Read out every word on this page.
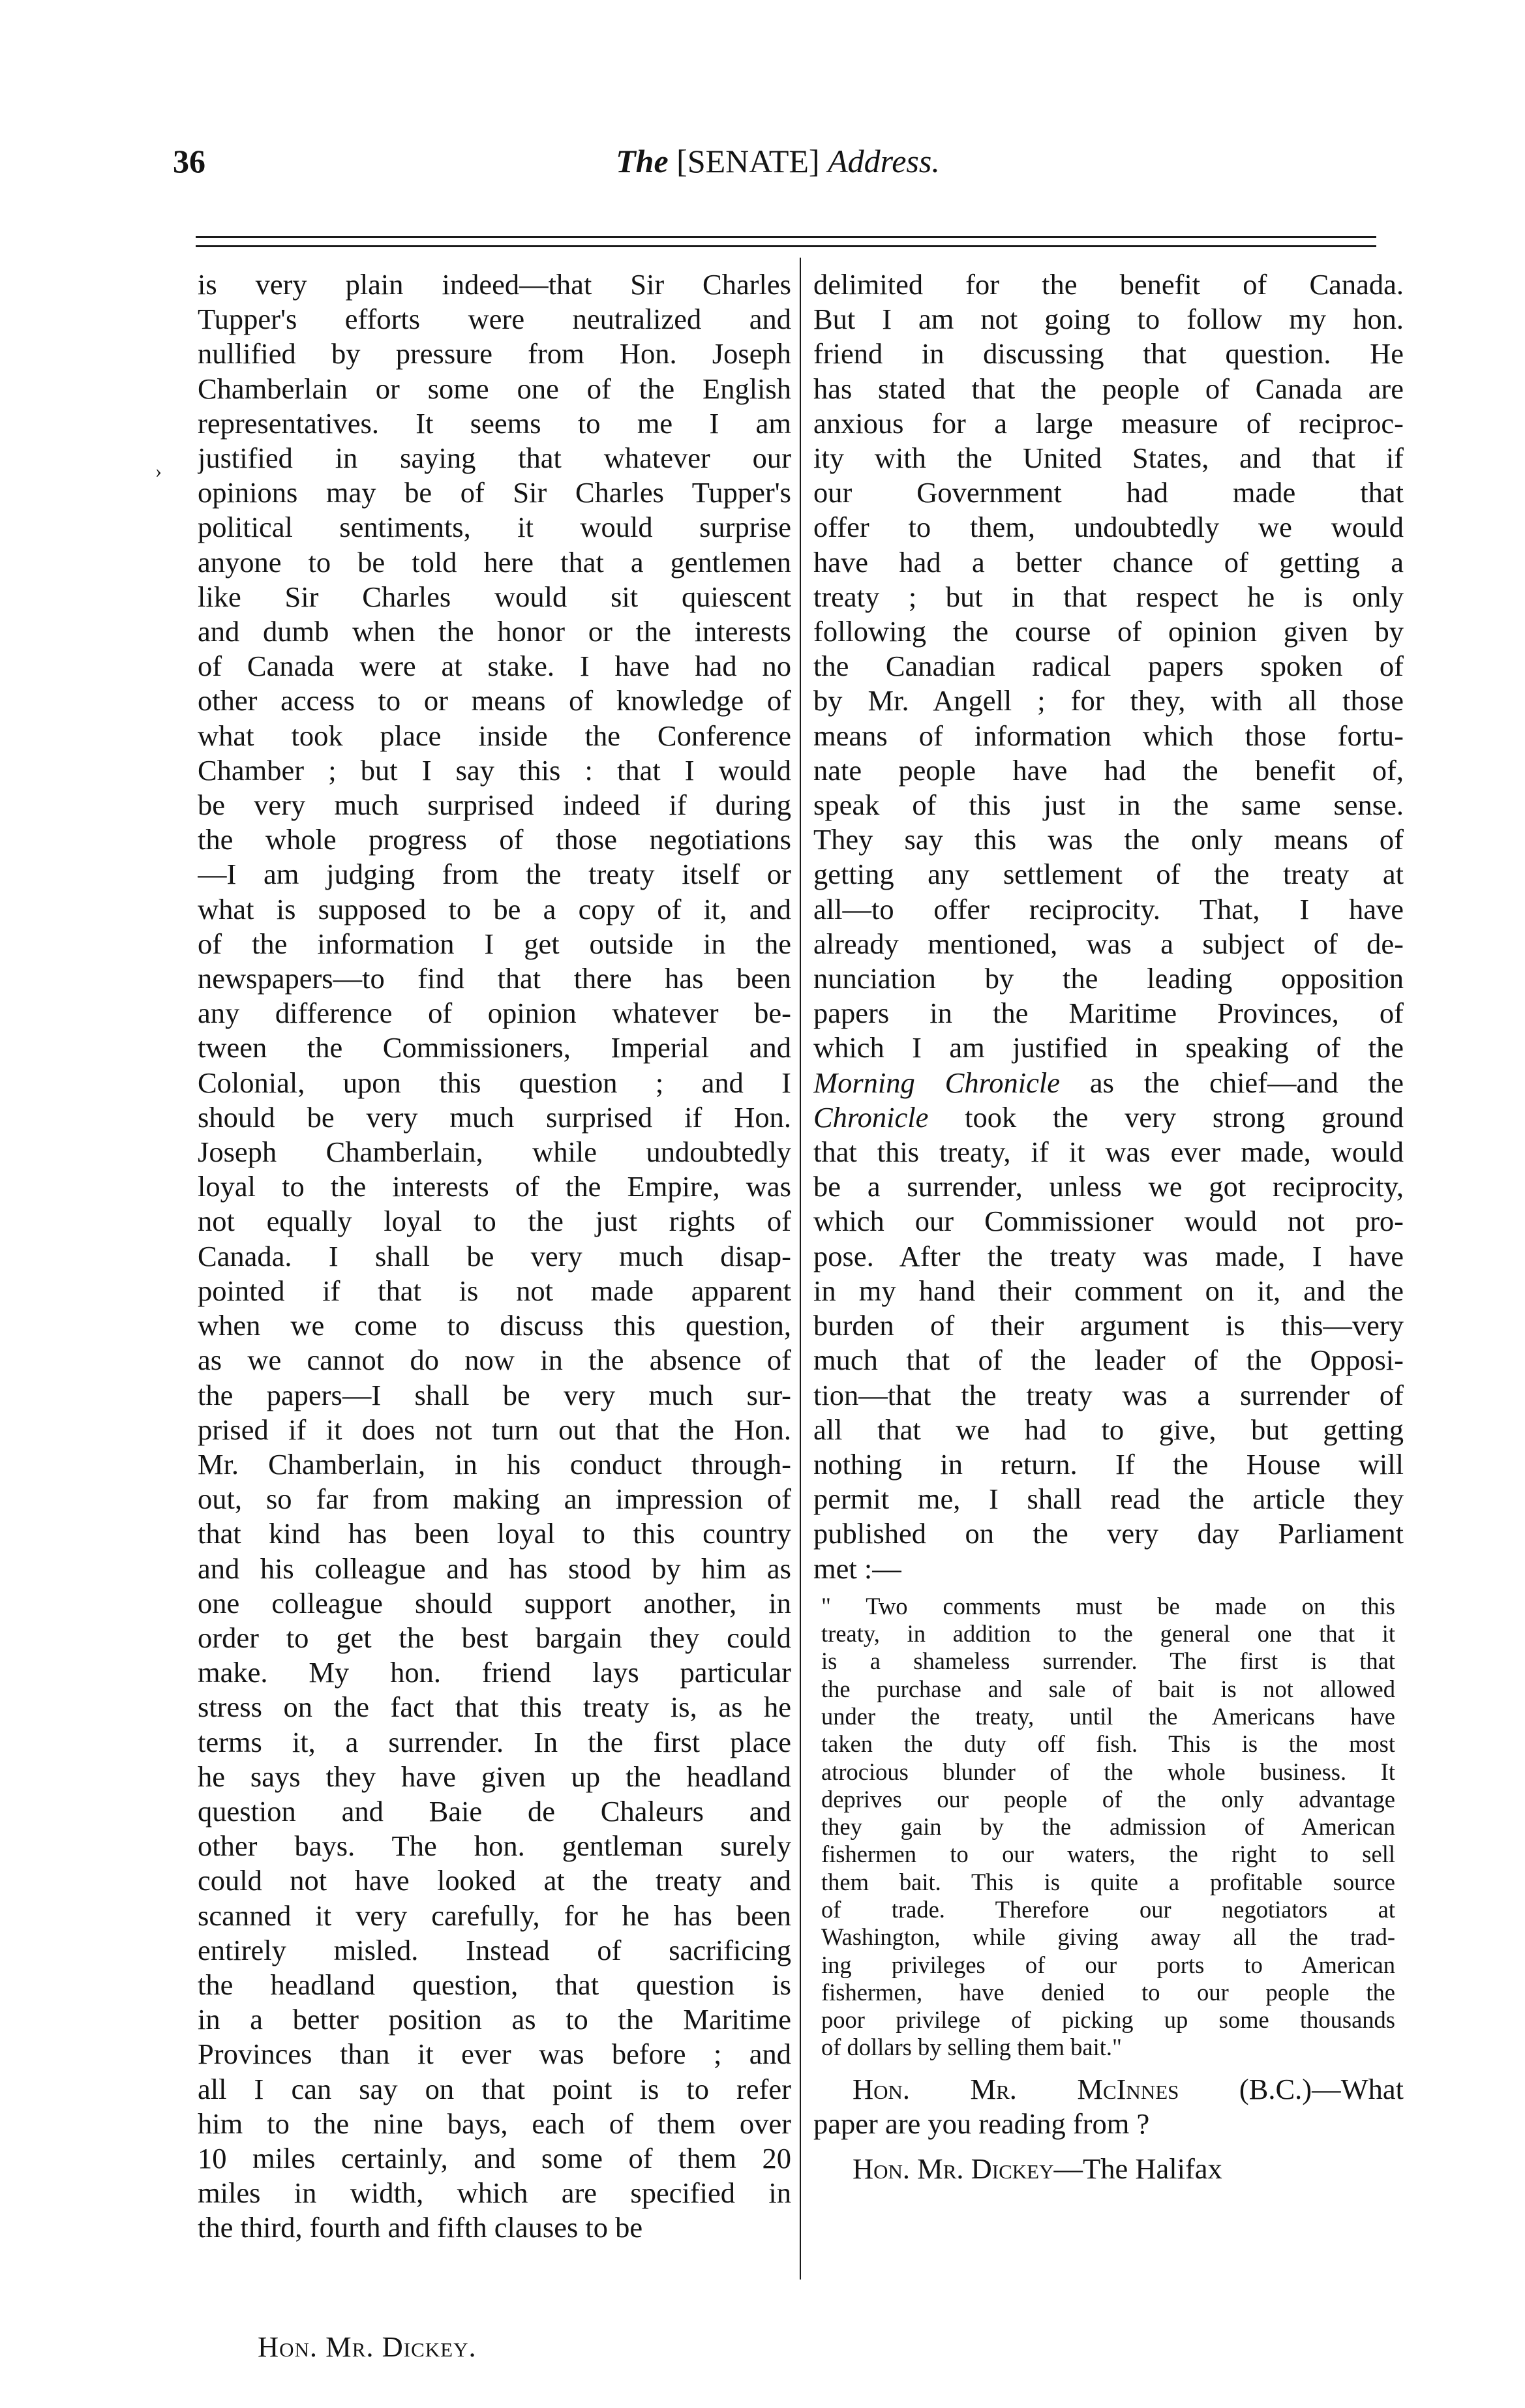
36	The [SENATE] Address.
›
is very plain indeed—that Sir Charles
Tupper's efforts were neutralized and
nullified by pressure from Hon. Joseph
Chamberlain or some one of the English
representatives. It seems to me I am
justified in saying that whatever our
opinions may be of Sir Charles Tupper's
political sentiments, it would surprise
anyone to be told here that a gentlemen
like Sir Charles would sit quiescent
and dumb when the honor or the interests
of Canada were at stake. I have had no
other access to or means of knowledge of
what took place inside the Conference
Chamber ; but I say this : that I would
be very much surprised indeed if during
the whole progress of those negotiations
—I am judging from the treaty itself or
what is supposed to be a copy of it, and
of the information I get outside in the
newspapers—to find that there has been
any difference of opinion whatever be-
tween the Commissioners, Imperial and
Colonial, upon this question ; and I
should be very much surprised if Hon.
Joseph Chamberlain, while undoubtedly
loyal to the interests of the Empire, was
not equally loyal to the just rights of
Canada. I shall be very much disap-
pointed if that is not made apparent
when we come to discuss this question,
as we cannot do now in the absence of
the papers—I shall be very much sur-
prised if it does not turn out that the Hon.
Mr. Chamberlain, in his conduct through-
out, so far from making an impression of
that kind has been loyal to this country
and his colleague and has stood by him as
one colleague should support another, in
order to get the best bargain they could
make. My hon. friend lays particular
stress on the fact that this treaty is, as he
terms it, a surrender. In the first place
he says they have given up the headland
question and Baie de Chaleurs and
other bays. The hon. gentleman surely
could not have looked at the treaty and
scanned it very carefully, for he has been
entirely misled. Instead of sacrificing
the headland question, that question is
in a better position as to the Maritime
Provinces than it ever was before ; and
all I can say on that point is to refer
him to the nine bays, each of them over
10 miles certainly, and some of them 20
miles in width, which are specified in
the third, fourth and fifth clauses to be
delimited for the benefit of Canada.
But I am not going to follow my hon.
friend in discussing that question. He
has stated that the people of Canada are
anxious for a large measure of reciproc-
ity with the United States, and that if
our Government had made that
offer to them, undoubtedly we would
have had a better chance of getting a
treaty ; but in that respect he is only
following the course of opinion given by
the Canadian radical papers spoken of
by Mr. Angell ; for they, with all those
means of information which those fortu-
nate people have had the benefit of,
speak of this just in the same sense.
They say this was the only means of
getting any settlement of the treaty at
all—to offer reciprocity. That, I have
already mentioned, was a subject of de-
nunciation by the leading opposition
papers in the Maritime Provinces, of
which I am justified in speaking of the
Morning Chronicle as the chief—and the
Chronicle took the very strong ground
that this treaty, if it was ever made, would
be a surrender, unless we got reciprocity,
which our Commissioner would not pro-
pose. After the treaty was made, I have
in my hand their comment on it, and the
burden of their argument is this—very
much that of the leader of the Opposi-
tion—that the treaty was a surrender of
all that we had to give, but getting
nothing in return. If the House will
permit me, I shall read the article they
published on the very day Parliament
met :—
" Two comments must be made on this
treaty, in addition to the general one that it
is a shameless surrender. The first is that
the purchase and sale of bait is not allowed
under the treaty, until the Americans have
taken the duty off fish. This is the most
atrocious blunder of the whole business. It
deprives our people of the only advantage
they gain by the admission of American
fishermen to our waters, the right to sell
them bait. This is quite a profitable source
of trade. Therefore our negotiators at
Washington, while giving away all the trad-
ing privileges of our ports to American
fishermen, have denied to our people the
poor privilege of picking up some thousands
of dollars by selling them bait."
Hon. Mr. McInnes (B.C.)—What
paper are you reading from ?
Hon. Mr. Dickey—The Halifax
Hon. Mr. Dickey.
